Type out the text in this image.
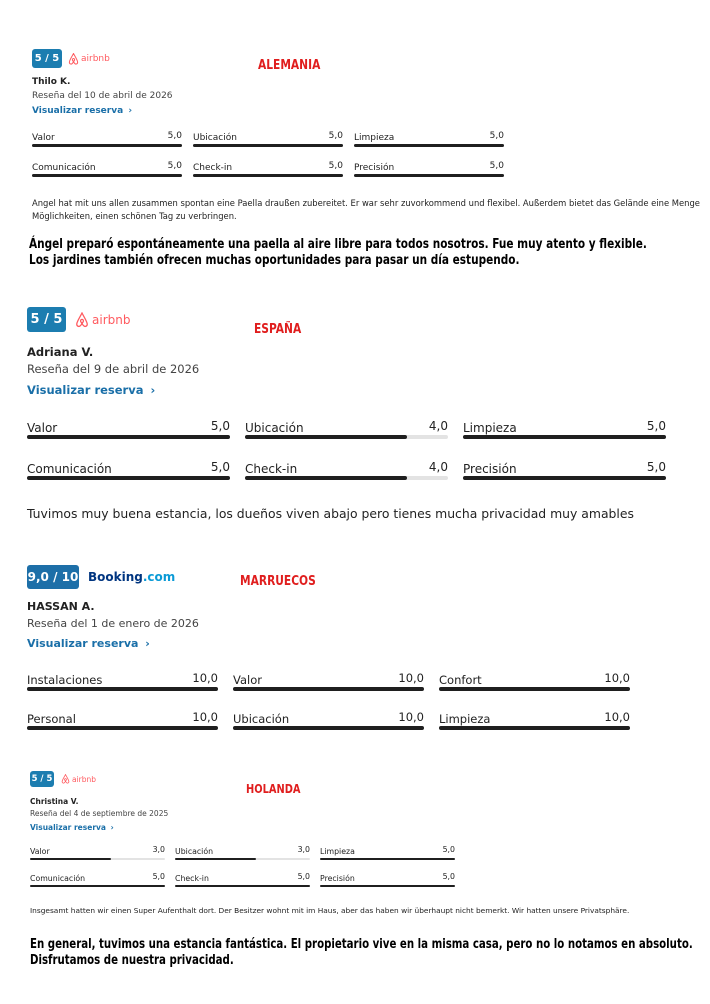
5 / 5	airbnb	ALEMANIA
Thilo K.
Reseña del 10 de abril de 2026
Visualizar reserva ›
Valor	5,0 Ubicación	5,0 Limpieza	5,0
Comunicación	5,0 Check-in	5,0 Precisión	5,0
Angel hat mit uns allen zusammen spontan eine Paella draußen zubereitet. Er war sehr zuvorkommend und flexibel. Außerdem bietet das Gelände eine Menge
Möglichkeiten, einen schönen Tag zu verbringen.
Ángel preparó espontáneamente una paella al aire libre para todos nosotros. Fue muy atento y flexible.
Los jardines también ofrecen muchas oportunidades para pasar un día estupendo.
5 / 5 airbnb
ESPAÑA
Adriana V.
Reseña del 9 de abril de 2026
Visualizar reserva ›
Valor	5,0 Ubicación	4,0 Limpieza	5,0
Comunicación	5,0 Check-in	4,0 Precisión	5,0
Tuvimos muy buena estancia, los dueños viven abajo pero tienes mucha privacidad muy amables
9,0 / 10 Booking.com	MARRUECOS
HASSAN A.
Reseña del 1 de enero de 2026
Visualizar reserva ›
Instalaciones	10,0 Valor	10,0 Confort	10,0
Personal	10,0 Ubicación	10,0 Limpieza	10,0
5 / 5	airbnb
HOLANDA
Christina V.
Reseña del 4 de septiembre de 2025
Visualizar reserva ›
Valor	3,0 Ubicación	3,0 Limpieza	5,0
Comunicación	5,0 Check-in	5,0 Precisión	5,0
Insgesamt hatten wir einen Super Aufenthalt dort. Der Besitzer wohnt mit im Haus, aber das haben wir überhaupt nicht bemerkt. Wir hatten unsere Privatsphäre.
En general, tuvimos una estancia fantástica. El propietario vive en la misma casa, pero no lo notamos en absoluto.
Disfrutamos de nuestra privacidad.
